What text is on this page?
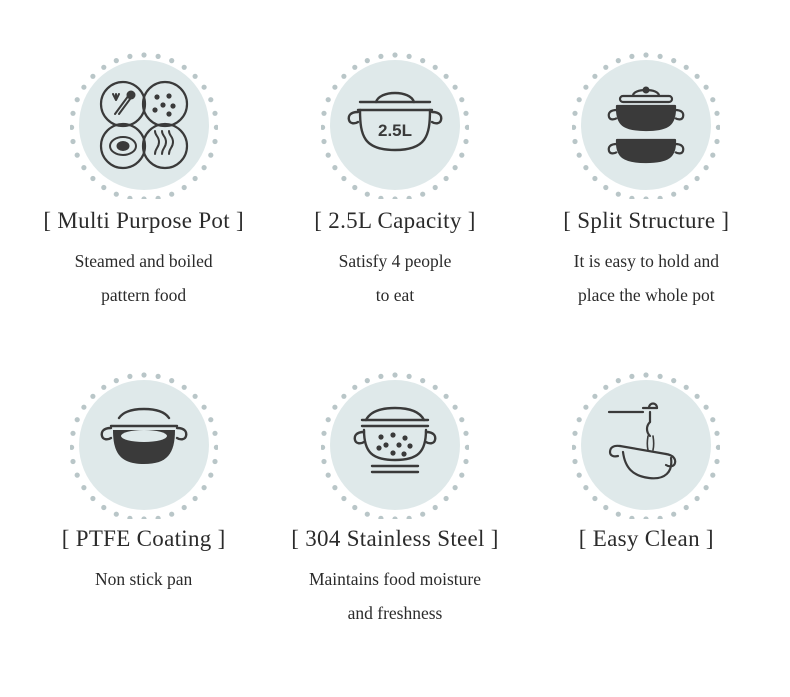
[ Multi Purpose Pot ]

Steamed and boiled
pattern food
2.5L

[ 2.5L Capacity ]

Satisfy 4 people
to eat

[ Split Structure ]

It is easy to hold and
place the whole pot

[ PTFE Coating ]

Non stick pan

[ 304 Stainless Steel ]

Maintains food moisture
and freshness

[ Easy Clean ]
